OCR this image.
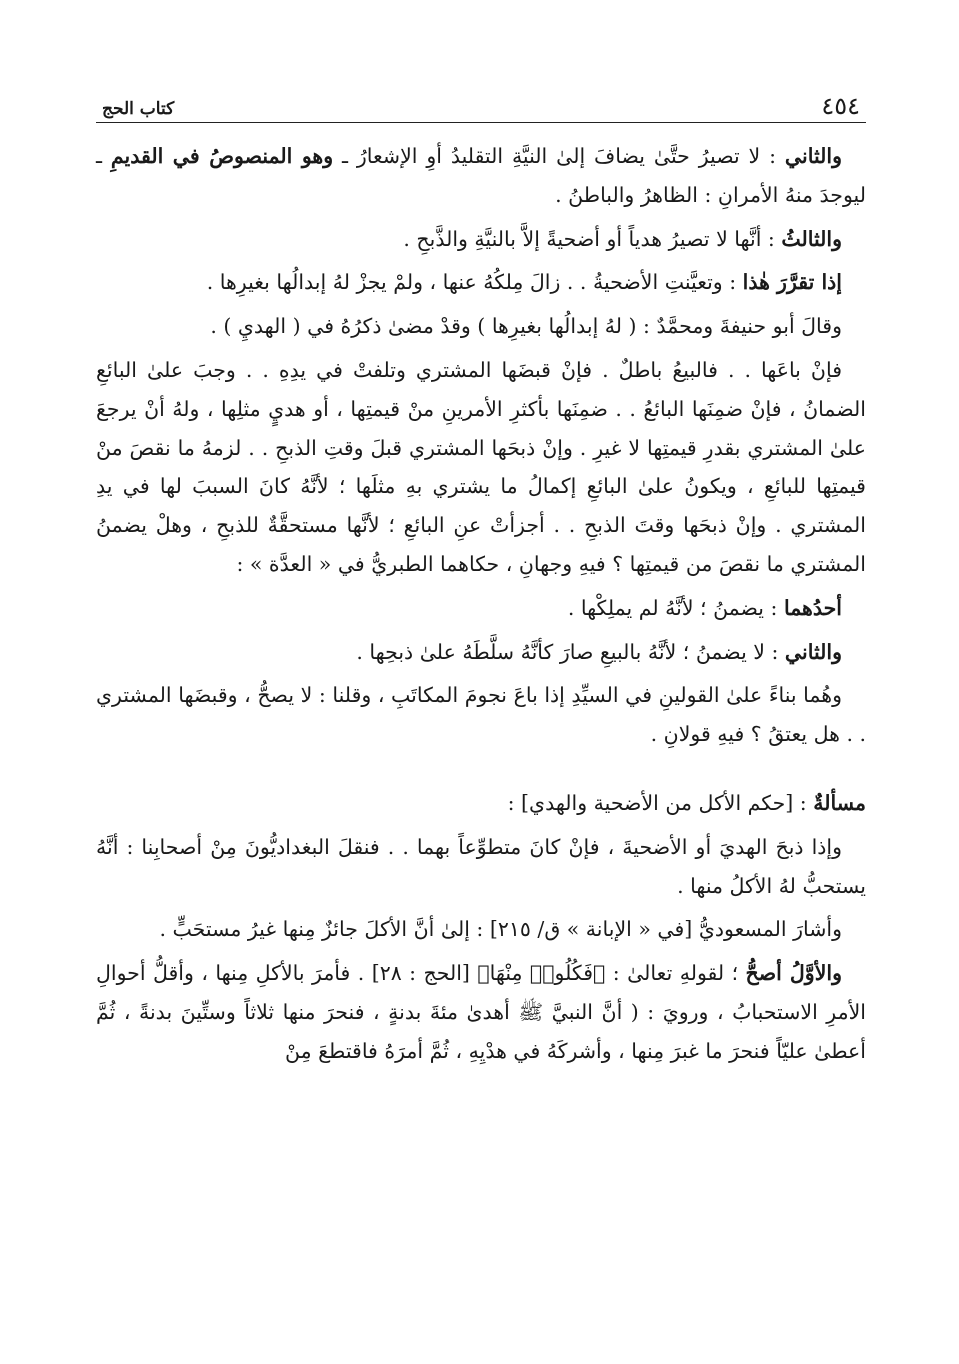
٤٥٤
كتاب الحج

والثاني : لا تصيرُ حتَّىٰ يضافَ إلىٰ النيَّةِ التقليدُ أوِ الإشعارُ ـ وهو المنصوصُ في القديمِ ـ ليوجدَ منهُ الأمرانِ : الظاهرُ والباطنُ .

والثالثُ : أنَّها لا تصيرُ هدياً أو أضحيةً إلاَّ بالنيَّةِ والذَّبحِ .

إذا تقرَّرَ هٰذا : وتعيَّنتِ الأضحيةُ . . زالَ مِلكُهُ عنها ، ولمْ يجزْ لهُ إبدالُها بغيرِها .

وقالَ أبو حنيفةَ ومحمَّدٌ : ( لهُ إبدالُها بغيرِها ) وقدْ مضىٰ ذكرُهُ في ( الهديِ ) .

فإنْ باعَها . . فالبيعُ باطلٌ . فإنْ قبضَها المشتري وتلفتْ في يدِهِ . . وجبَ علىٰ البائعِ الضمانُ ، فإنْ ضمِنَها البائعُ . . ضمِنَها بأكثرِ الأمرينِ منْ قيمتِها ، أو هديٍ مثلِها ، ولهُ أنْ يرجعَ علىٰ المشتري بقدرِ قيمتِها لا غيرِ . وإنْ ذبحَها المشتري قبلَ وقتِ الذبحِ . . لزمهُ ما نقصَ منْ قيمتِها للبائعِ ، ويكونُ علىٰ البائعِ إكمالُ ما يشتري بهِ مثلَها ؛ لأنَّهُ كانَ السببَ لها في يدِ المشتري . وإنْ ذبحَها وقتَ الذبحِ . . أجزأتْ عنِ البائعِ ؛ لأنَّها مستحقَّةٌ للذبحِ ، وهلْ يضمنُ المشتري ما نقصَ من قيمتِها ؟ فيهِ وجهانِ ، حكاهما الطبريُّ في « العدَّة » :

أحدُهما : يضمنُ ؛ لأنَّهُ لم يملِكْها .

والثاني : لا يضمنُ ؛ لأنَّهُ بالبيعِ صارَ كأنَّهُ سلَّطَهُ علىٰ ذبحِها .

وهُما بناءً علىٰ القولينِ في السيِّدِ إذا باعَ نجومَ المكاتَبِ ، وقلنا : لا يصحُّ ، وقبضَها المشتري . . هل يعتقُ ؟ فيهِ قولانِ .

مسألةٌ : [حكم الأكل من الأضحية والهدي] :

وإذا ذبحَ الهديَ أو الأضحيةَ ، فإنْ كانَ متطوِّعاً بهما . . فنقلَ البغداديُّونَ مِنْ أصحابِنا : أنَّهُ يستحبُّ لهُ الأكلُ منها .

وأشارَ المسعوديُّ [في « الإبانة » ق/ ٢١٥] : إلىٰ أنَّ الأكلَ جائزٌ مِنها غيرُ مستحَبٍّ .

والأوَّلُ أصحُّ ؛ لقولهِ تعالىٰ : ﴿فَكُلُوا۟ مِنْهَا﴾ [الحج : ٢٨] . فأمرَ بالأكلِ مِنها ، وأقلُّ أحوالِ الأمرِ الاستحبابُ ، ورويَ : ( أنَّ النبيَّ ﷺ أهدىٰ مئةَ بدنةٍ ، فنحرَ منها ثلاثاً وستِّينَ بدنةً ، ثُمَّ أعطىٰ عليّاً فنحرَ ما غبرَ مِنها ، وأشركَهُ في هدْيِهِ ، ثُمَّ أمرَهُ فاقتطعَ مِنْ
